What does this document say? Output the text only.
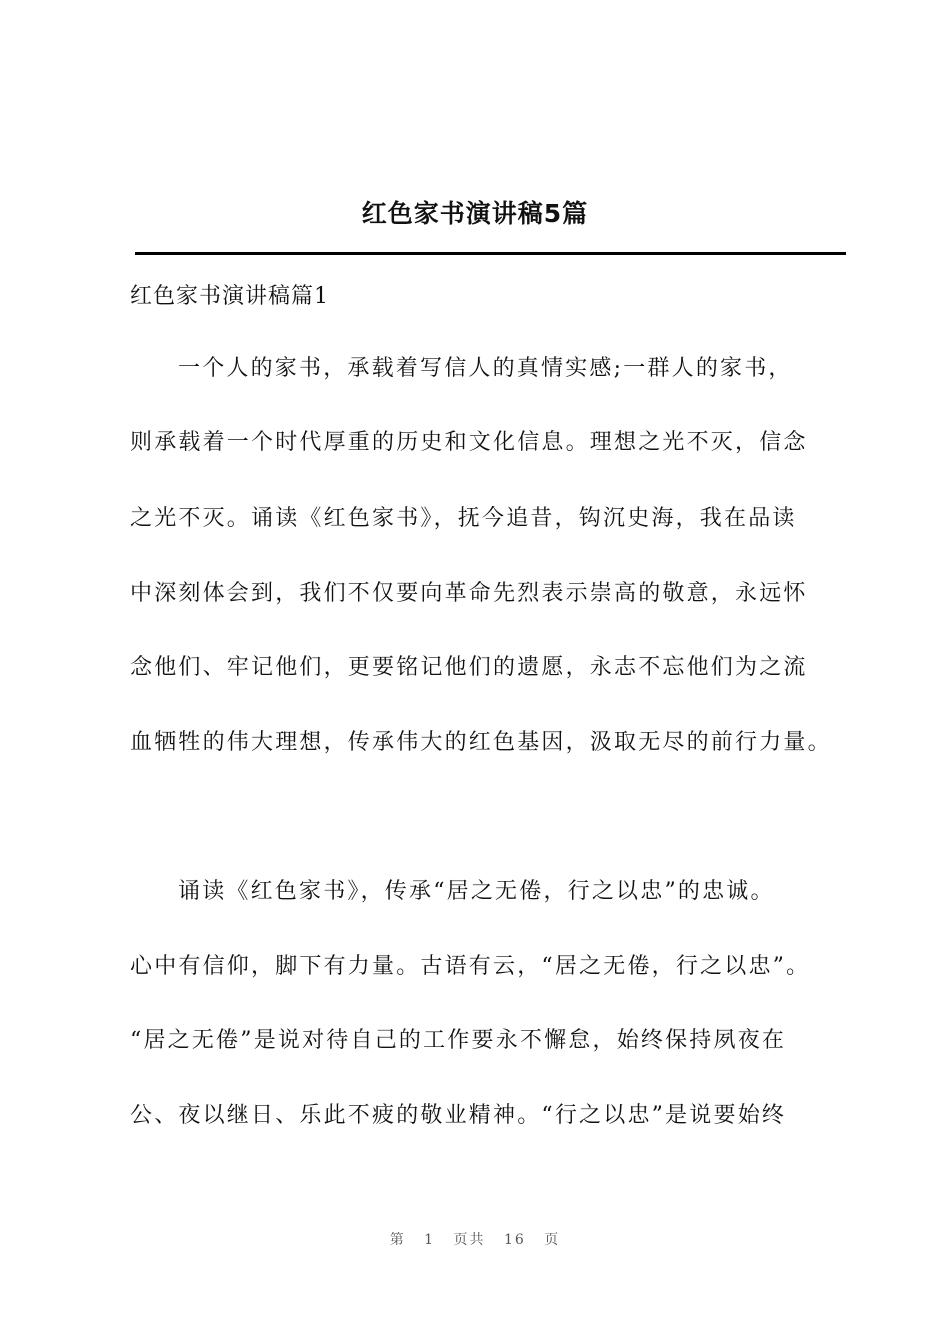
红色家书演讲稿5篇
红色家书演讲稿篇1
一个人的家书，承载着写信人的真情实感;一群人的家书，
则承载着一个时代厚重的历史和文化信息。理想之光不灭，信念
之光不灭。诵读《红色家书》，抚今追昔，钩沉史海，我在品读
中深刻体会到，我们不仅要向革命先烈表示崇高的敬意，永远怀
念他们、牢记他们，更要铭记他们的遗愿，永志不忘他们为之流
血牺牲的伟大理想，传承伟大的红色基因，汲取无尽的前行力量。
诵读《红色家书》，传承“居之无倦，行之以忠”的忠诚。
心中有信仰，脚下有力量。古语有云，“居之无倦，行之以忠”。
“居之无倦”是说对待自己的工作要永不懈怠，始终保持夙夜在
公、夜以继日、乐此不疲的敬业精神。“行之以忠”是说要始终
第 1 页共 16 页
